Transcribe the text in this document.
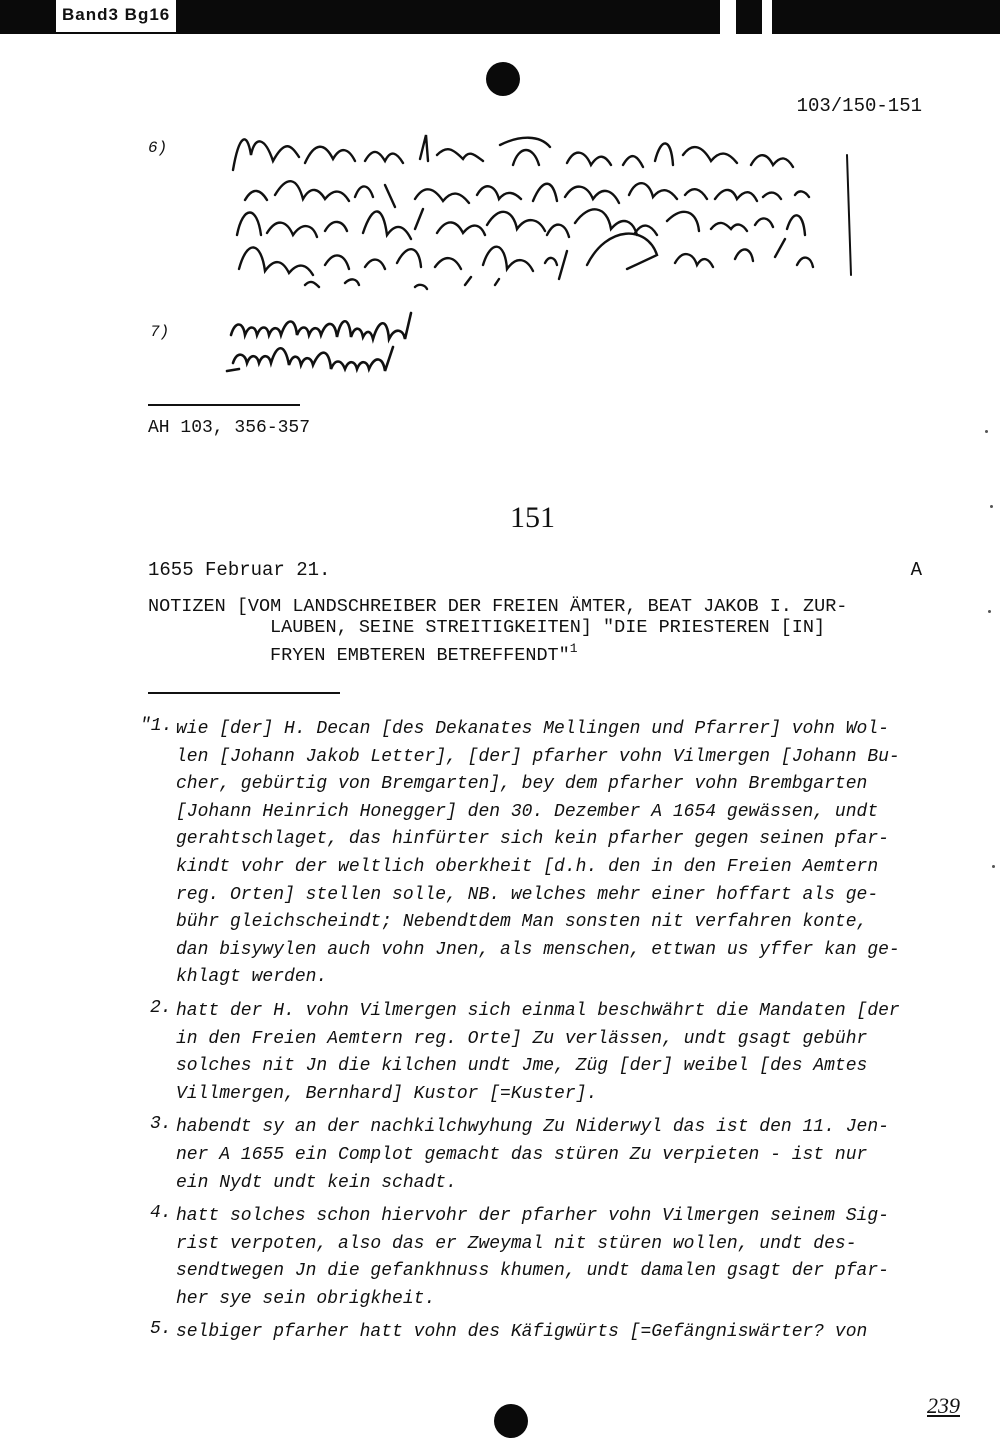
Band3 Bg16
103/150-151
6)
7)
AH 103, 356-357
151
1655 Februar 21.	A
NOTIZEN [VOM LANDSCHREIBER DER FREIEN ÄMTER, BEAT JAKOB I. ZUR-
LAUBEN, SEINE STREITIGKEITEN] "DIE PRIESTEREN [IN]
FRYEN EMBTEREN BETREFFENDT"$^1$
"1. wie [der] H. Decan [des Dekanates Mellingen und Pfarrer] vohn Wol-
len [Johann Jakob Letter], [der] pfarher vohn Vilmergen [Johann Bu-
cher, gebürtig von Bremgarten], bey dem pfarher vohn Brembgarten
[Johann Heinrich Honegger] den 30. Dezember A 1654 gewässen, undt
gerahtschlaget, das hinfürter sich kein pfarher gegen seinen pfar-
kindt vohr der weltlich oberkheit [d.h. den in den Freien Aemtern
reg. Orten] stellen solle, NB. welches mehr einer hoffart als ge-
bühr gleichscheindt; Nebendtdem Man sonsten nit verfahren konte,
dan bisywylen auch vohn Jnen, als menschen, ettwan us yffer kan ge-
khlagt werden.
2. hatt der H. vohn Vilmergen sich einmal beschwährt die Mandaten [der
in den Freien Aemtern reg. Orte] Zu verlässen, undt gsagt gebühr
solches nit Jn die kilchen undt Jme, Züg [der] weibel [des Amtes
Villmergen, Bernhard] Kustor [=Kuster].
3. habendt sy an der nachkilchwyhung Zu Niderwyl das ist den 11. Jen-
ner A 1655 ein Complot gemacht das stüren Zu verpieten - ist nur
ein Nydt undt kein schadt.
4. hatt solches schon hiervohr der pfarher vohn Vilmergen seinem Sig-
rist verpoten, also das er Zweymal nit stüren wollen, undt des-
sendtwegen Jn die gefankhnuss khumen, undt damalen gsagt der pfar-
her sye sein obrigkheit.
5. selbiger pfarher hatt vohn des Käfigwürts [=Gefängniswärter? von
239
